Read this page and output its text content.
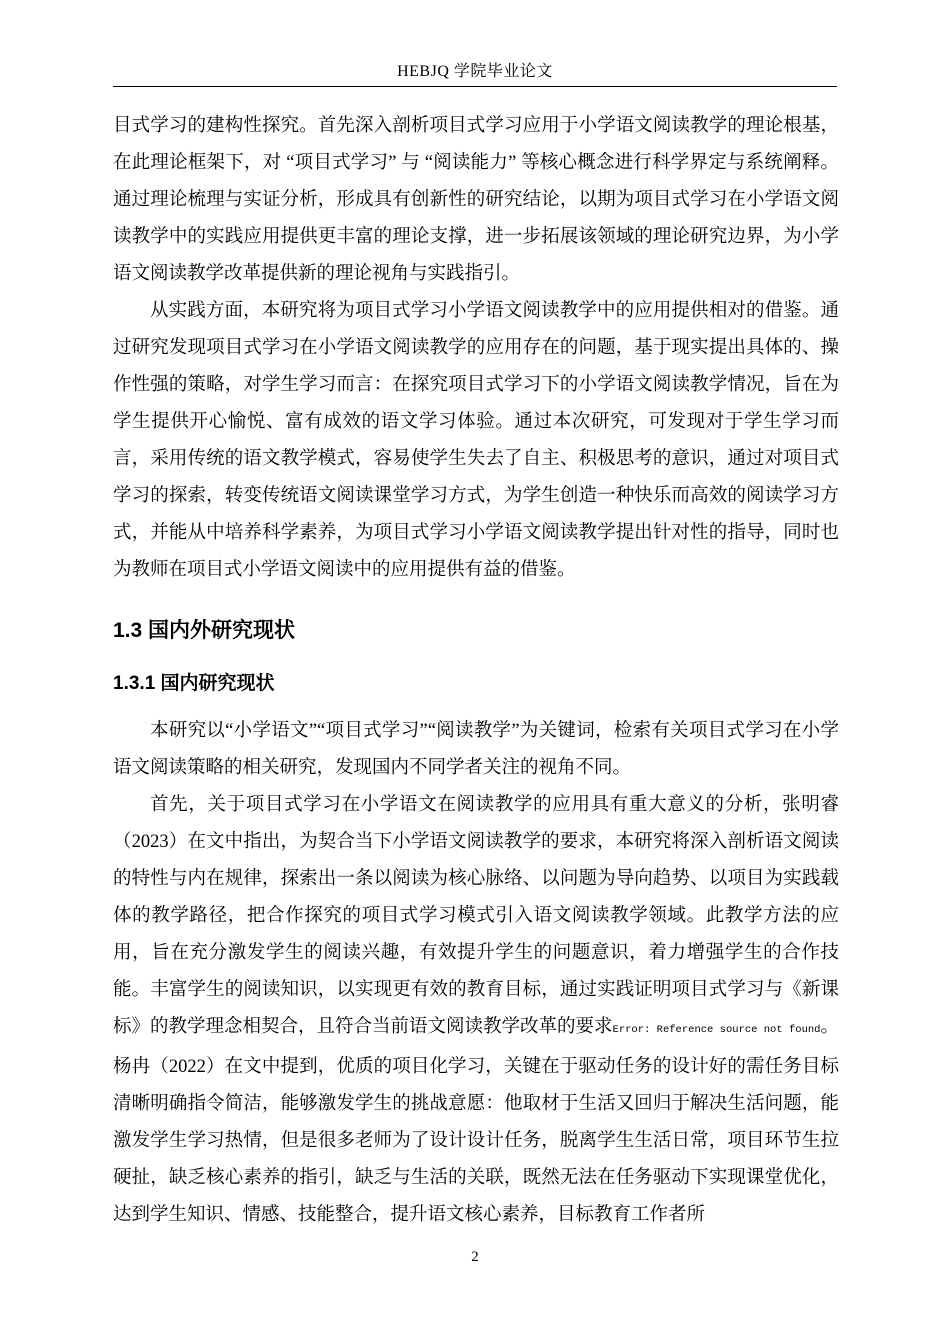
HEBJQ 学院毕业论文

目式学习的建构性探究。首先深入剖析项目式学习应用于小学语文阅读教学的理论根基，在此理论框架下，对 “项目式学习” 与 “阅读能力” 等核心概念进行科学界定与系统阐释。通过理论梳理与实证分析，形成具有创新性的研究结论，以期为项目式学习在小学语文阅读教学中的实践应用提供更丰富的理论支撑，进一步拓展该领域的理论研究边界，为小学语文阅读教学改革提供新的理论视角与实践指引。

从实践方面，本研究将为项目式学习小学语文阅读教学中的应用提供相对的借鉴。通过研究发现项目式学习在小学语文阅读教学的应用存在的问题，基于现实提出具体的、操作性强的策略，对学生学习而言：在探究项目式学习下的小学语文阅读教学情况，旨在为学生提供开心愉悦、富有成效的语文学习体验。通过本次研究，可发现对于学生学习而言，采用传统的语文教学模式，容易使学生失去了自主、积极思考的意识，通过对项目式学习的探索，转变传统语文阅读课堂学习方式，为学生创造一种快乐而高效的阅读学习方式，并能从中培养科学素养，为项目式学习小学语文阅读教学提出针对性的指导，同时也为教师在项目式小学语文阅读中的应用提供有益的借鉴。

1.3 国内外研究现状
1.3.1 国内研究现状

本研究以“小学语文”“项目式学习”“阅读教学”为关键词，检索有关项目式学习在小学语文阅读策略的相关研究，发现国内不同学者关注的视角不同。

首先，关于项目式学习在小学语文在阅读教学的应用具有重大意义的分析，张明睿（2023）在文中指出，为契合当下小学语文阅读教学的要求，本研究将深入剖析语文阅读的特性与内在规律，探索出一条以阅读为核心脉络、以问题为导向趋势、以项目为实践载体的教学路径，把合作探究的项目式学习模式引入语文阅读教学领域。此教学方法的应用，旨在充分激发学生的阅读兴趣，有效提升学生的问题意识，着力增强学生的合作技能。丰富学生的阅读知识，以实现更有效的教育目标，通过实践证明项目式学习与《新课标》的教学理念相契合，且符合当前语文阅读教学改革的要求Error: Reference source not found。杨冉（2022）在文中提到，优质的项目化学习，关键在于驱动任务的设计好的需任务目标清晰明确指令简洁，能够激发学生的挑战意愿：他取材于生活又回归于解决生活问题，能激发学生学习热情，但是很多老师为了设计设计任务，脱离学生生活日常，项目环节生拉硬扯，缺乏核心素养的指引，缺乏与生活的关联，既然无法在任务驱动下实现课堂优化，达到学生知识、情感、技能整合，提升语文核心素养，目标教育工作者所

2
